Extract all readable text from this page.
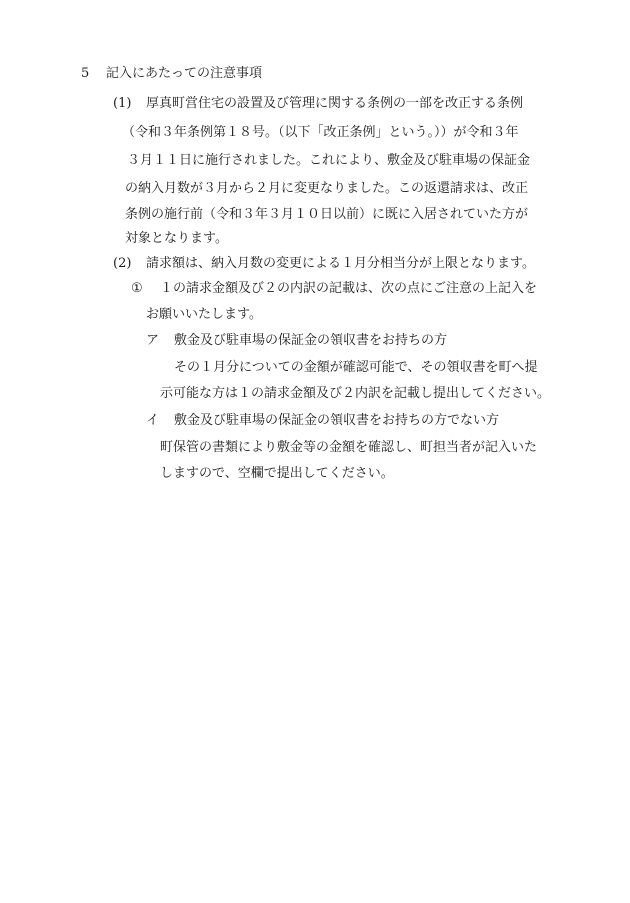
5 記入にあたっての注意事項
(1) 厚真町営住宅の設置及び管理に関する条例の一部を改正する条例
（令和３年条例第１８号。（以下「改正条例」という。））が令和３年
３月１１日に施行されました。これにより、敷金及び駐車場の保証金
の納入月数が３月から２月に変更なりました。この返還請求は、改正
条例の施行前（令和３年３月１０日以前）に既に入居されていた方が
対象となります。
(2) 請求額は、納入月数の変更による１月分相当分が上限となります。
① １の請求金額及び２の内訳の記載は、次の点にご注意の上記入を
お願いいたします。
ア 敷金及び駐車場の保証金の領収書をお持ちの方
その１月分についての金額が確認可能で、その領収書を町へ提
示可能な方は１の請求金額及び２内訳を記載し提出してください。
イ 敷金及び駐車場の保証金の領収書をお持ちの方でない方
町保管の書類により敷金等の金額を確認し、町担当者が記入いた
しますので、空欄で提出してください。
